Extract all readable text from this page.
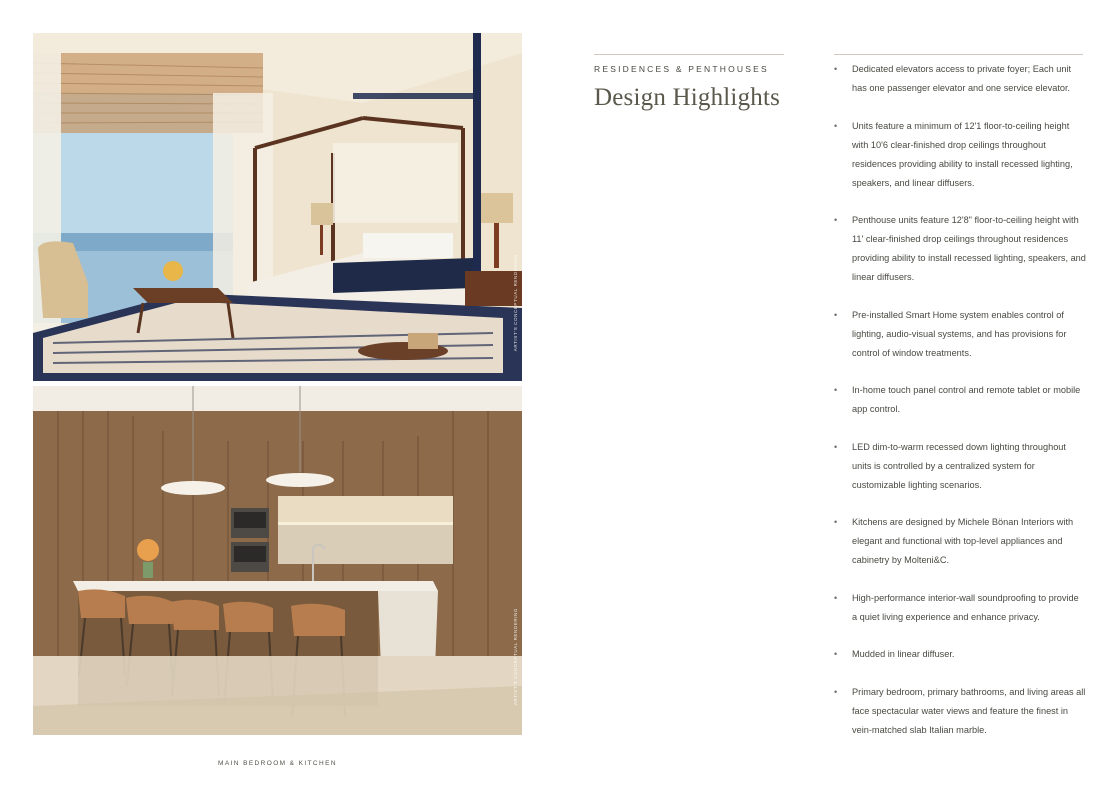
ARTIST'S CONCEPTUAL RENDERING
ARTIST'S CONCEPTUAL RENDERING
MAIN BEDROOM & KITCHEN
RESIDENCES & PENTHOUSES
Design Highlights
• Dedicated elevators access to private foyer; Each unit has one passenger elevator and one service elevator.
• Units feature a minimum of 12'1 floor-to-ceiling height with 10'6 clear-finished drop ceilings throughout residences providing ability to install recessed lighting, speakers, and linear diffusers.
• Penthouse units feature 12'8" floor-to-ceiling height with 11' clear-finished drop ceilings throughout residences providing ability to install recessed lighting, speakers, and linear diffusers.
• Pre-installed Smart Home system enables control of lighting, audio-visual systems, and has provisions for control of window treatments.
• In-home touch panel control and remote tablet or mobile app control.
• LED dim-to-warm recessed down lighting throughout units is controlled by a centralized system for customizable lighting scenarios.
• Kitchens are designed by Michele Bönan Interiors with elegant and functional with top-level appliances and cabinetry by Molteni&C.
• High-performance interior-wall soundproofing to provide a quiet living experience and enhance privacy.
• Mudded in linear diffuser.
• Primary bedroom, primary bathrooms, and living areas all face spectacular water views and feature the finest in vein-matched slab Italian marble.
